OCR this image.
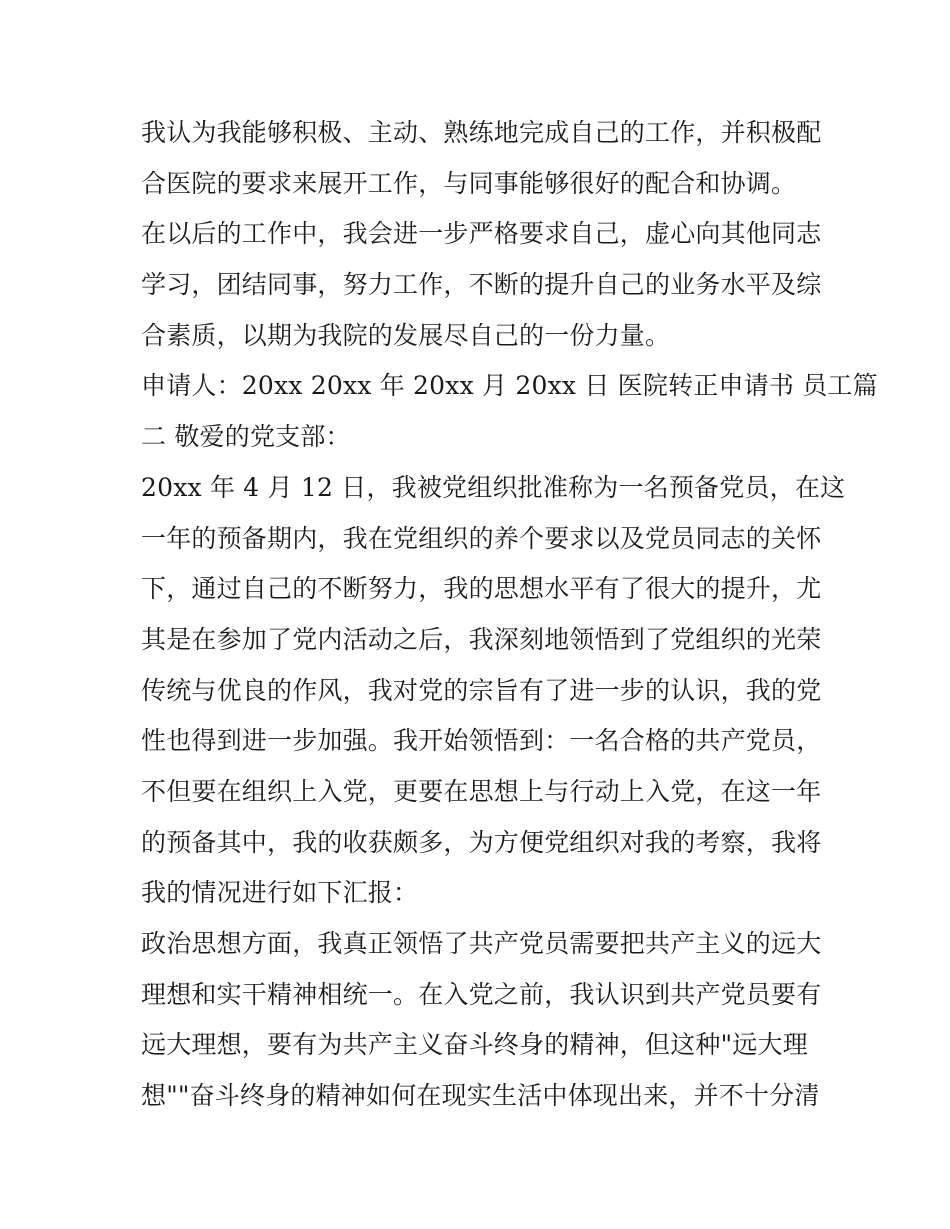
我认为我能够积极、主动、熟练地完成自己的工作，并积极配
合医院的要求来展开工作，与同事能够很好的配合和协调。
在以后的工作中，我会进一步严格要求自己，虚心向其他同志
学习，团结同事，努力工作，不断的提升自己的业务水平及综
合素质，以期为我院的发展尽自己的一份力量。
申请人：20xx 20xx 年 20xx 月 20xx 日 医院转正申请书 员工篇
二 敬爱的党支部：
20xx 年 4 月 12 日，我被党组织批准称为一名预备党员，在这
一年的预备期内，我在党组织的养个要求以及党员同志的关怀
下，通过自己的不断努力，我的思想水平有了很大的提升，尤
其是在参加了党内活动之后，我深刻地领悟到了党组织的光荣
传统与优良的作风，我对党的宗旨有了进一步的认识，我的党
性也得到进一步加强。我开始领悟到：一名合格的共产党员，
不但要在组织上入党，更要在思想上与行动上入党，在这一年
的预备其中，我的收获颇多，为方便党组织对我的考察，我将
我的情况进行如下汇报：
政治思想方面，我真正领悟了共产党员需要把共产主义的远大
理想和实干精神相统一。在入党之前，我认识到共产党员要有
远大理想，要有为共产主义奋斗终身的精神，但这种"远大理
想""奋斗终身的精神如何在现实生活中体现出来，并不十分清
